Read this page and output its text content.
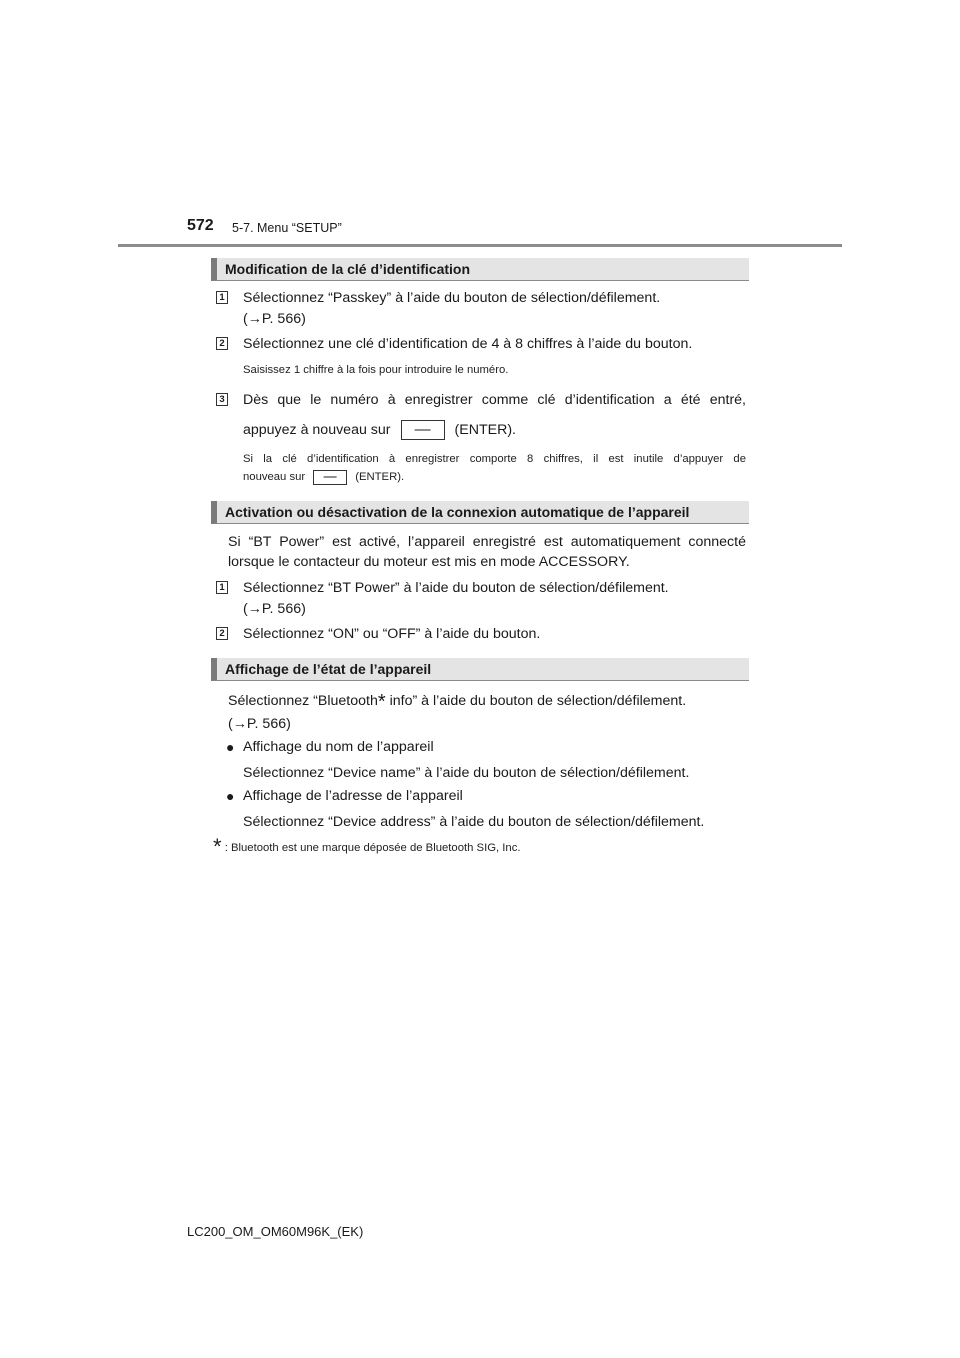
572 5-7. Menu “SETUP”
Modification de la clé d’identification
1 Sélectionnez “Passkey” à l’aide du bouton de sélection/défilement.
(→P. 566)
2 Sélectionnez une clé d’identification de 4 à 8 chiffres à l’aide du bouton.
Saisissez 1 chiffre à la fois pour introduire le numéro.
3 Dès que le numéro à enregistrer comme clé d’identification a été entré,
appuyez à nouveau sur	(ENTER).
Si la clé d’identification à enregistrer comporte 8 chiffres, il est inutile d’appuyer de
nouveau sur	(ENTER).
Activation ou désactivation de la connexion automatique de l’appareil
Si “BT Power” est activé, l’appareil enregistré est automatiquement connecté
lorsque le contacteur du moteur est mis en mode ACCESSORY.
1 Sélectionnez “BT Power” à l’aide du bouton de sélection/défilement.
(→P. 566)
2 Sélectionnez “ON” ou “OFF” à l’aide du bouton.
Affichage de l’état de l’appareil
Sélectionnez “Bluetooth* info” à l’aide du bouton de sélection/défilement.
(→P. 566)
● Affichage du nom de l’appareil
Sélectionnez “Device name” à l’aide du bouton de sélection/défilement.
● Affichage de l’adresse de l’appareil
Sélectionnez “Device address” à l’aide du bouton de sélection/défilement.
* : Bluetooth est une marque déposée de Bluetooth SIG, Inc.
LC200_OM_OM60M96K_(EK)
